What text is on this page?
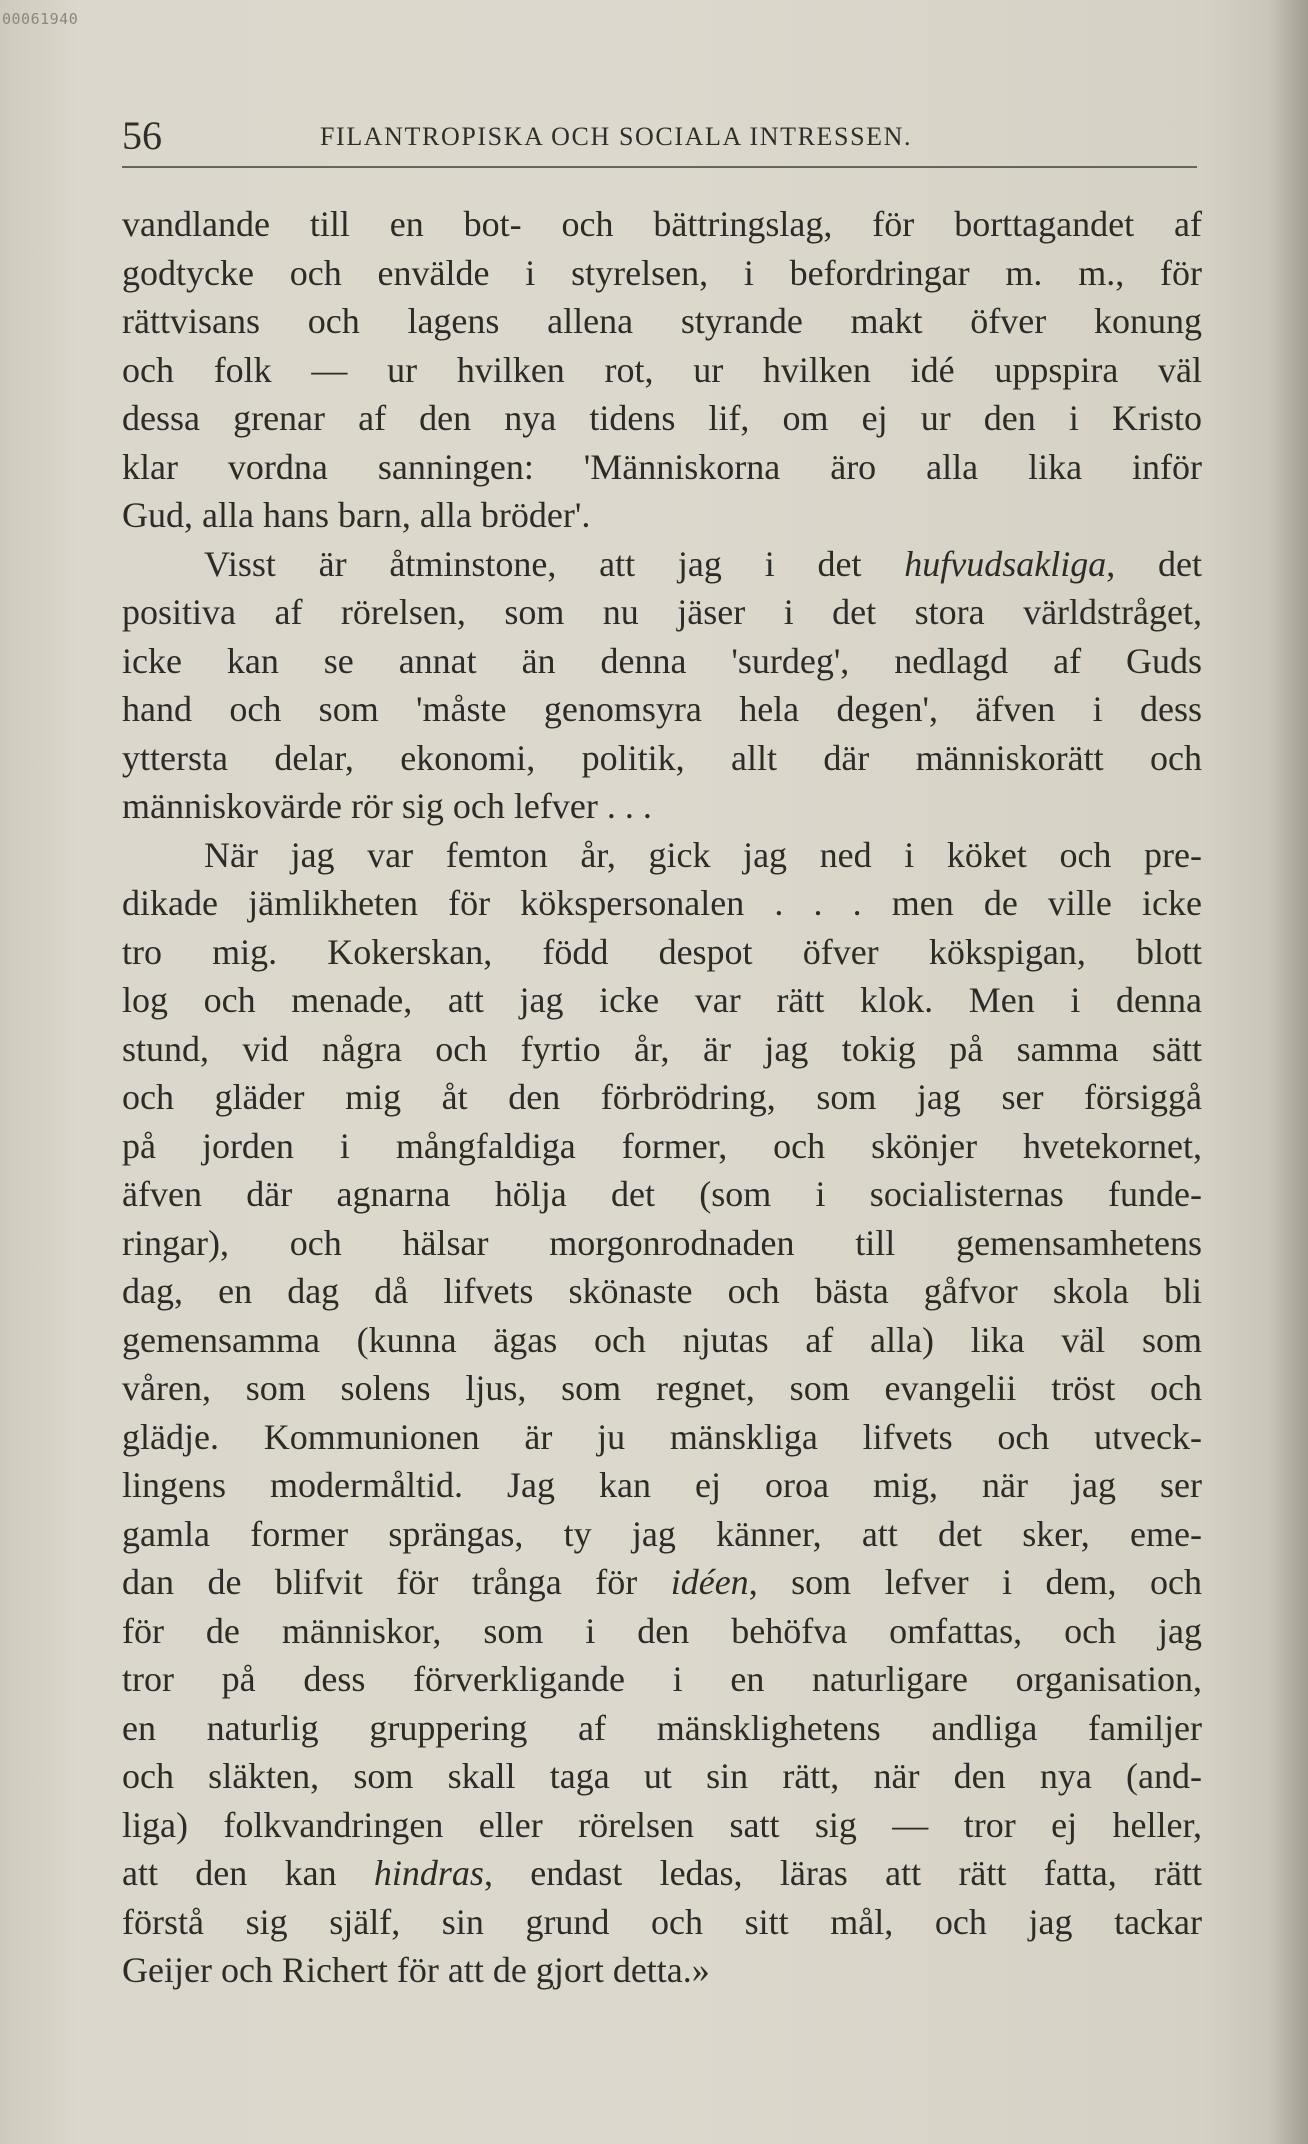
00061940
56	FILANTROPISKA OCH SOCIALA INTRESSEN.
vandlande till en bot- och bättringslag, för borttagandet af
godtycke och envälde i styrelsen, i befordringar m. m., för
rättvisans och lagens allena styrande makt öfver konung
och folk — ur hvilken rot, ur hvilken idé uppspira väl
dessa grenar af den nya tidens lif, om ej ur den i Kristo
klar vordna sanningen: 'Människorna äro alla lika inför
Gud, alla hans barn, alla bröder'.
Visst är åtminstone, att jag i det hufvudsakliga, det
positiva af rörelsen, som nu jäser i det stora världstråget,
icke kan se annat än denna 'surdeg', nedlagd af Guds
hand och som 'måste genomsyra hela degen', äfven i dess
yttersta delar, ekonomi, politik, allt där människorätt och
människovärde rör sig och lefver . . .
När jag var femton år, gick jag ned i köket och pre-
dikade jämlikheten för kökspersonalen . . . men de ville icke
tro mig. Kokerskan, född despot öfver kökspigan, blott
log och menade, att jag icke var rätt klok. Men i denna
stund, vid några och fyrtio år, är jag tokig på samma sätt
och gläder mig åt den förbrödring, som jag ser försiggå
på jorden i mångfaldiga former, och skönjer hvetekornet,
äfven där agnarna hölja det (som i socialisternas funde-
ringar), och hälsar morgonrodnaden till gemensamhetens
dag, en dag då lifvets skönaste och bästa gåfvor skola bli
gemensamma (kunna ägas och njutas af alla) lika väl som
våren, som solens ljus, som regnet, som evangelii tröst och
glädje. Kommunionen är ju mänskliga lifvets och utveck-
lingens modermåltid. Jag kan ej oroa mig, när jag ser
gamla former sprängas, ty jag känner, att det sker, eme-
dan de blifvit för trånga för idéen, som lefver i dem, och
för de människor, som i den behöfva omfattas, och jag
tror på dess förverkligande i en naturligare organisation,
en naturlig gruppering af mänsklighetens andliga familjer
och släkten, som skall taga ut sin rätt, när den nya (and-
liga) folkvandringen eller rörelsen satt sig — tror ej heller,
att den kan hindras, endast ledas, läras att rätt fatta, rätt
förstå sig själf, sin grund och sitt mål, och jag tackar
Geijer och Richert för att de gjort detta.»
